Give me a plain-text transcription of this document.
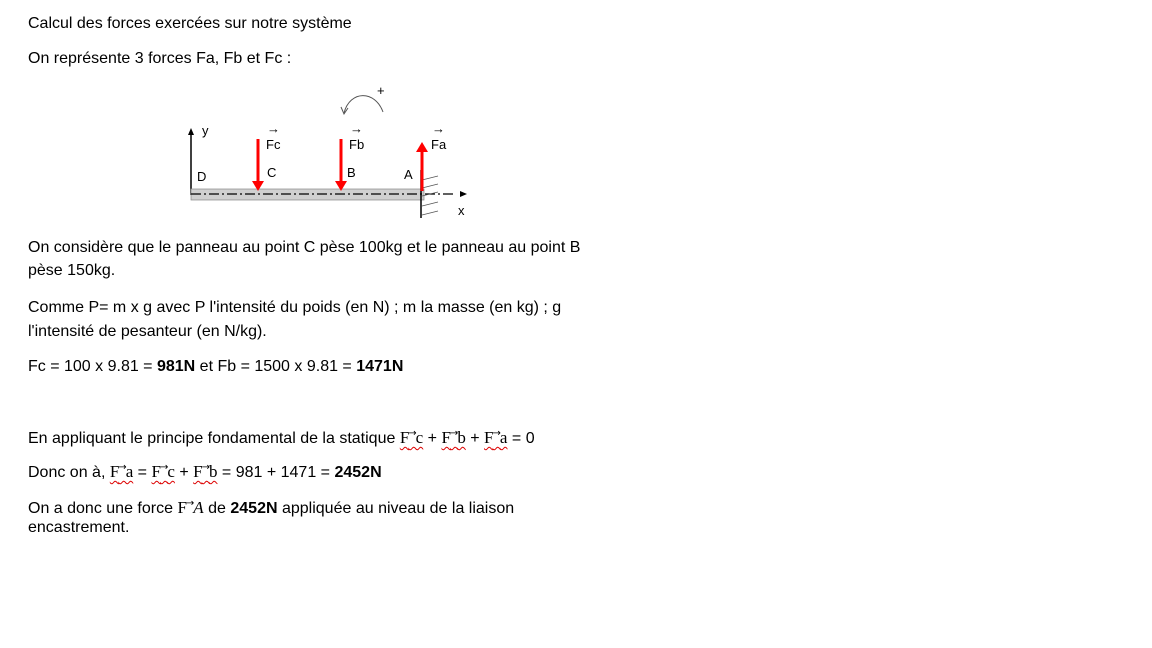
Calcul des forces exercées sur notre système
On représente 3 forces Fa, Fb et Fc :
+
y
x
D	C	B	A
→
Fc
→
Fb
→
Fa
On considère que le panneau au point C pèse 100kg et le panneau au point B
pèse 150kg.
Comme P= m x g avec P l'intensité du poids (en N) ; m la masse (en kg) ; g
l'intensité de pesanteur (en N/kg).
Fc = 100 x 9.81 = 981N et Fb = 1500 x 9.81 = 1471N
En appliquant le principe fondamental de la statique F→c + F→b + F→a = 0
Donc on à, F→a = F→c + F→b = 981 + 1471 = 2452N
On a donc une force F→A de 2452N appliquée au niveau de la liaison
encastrement.
